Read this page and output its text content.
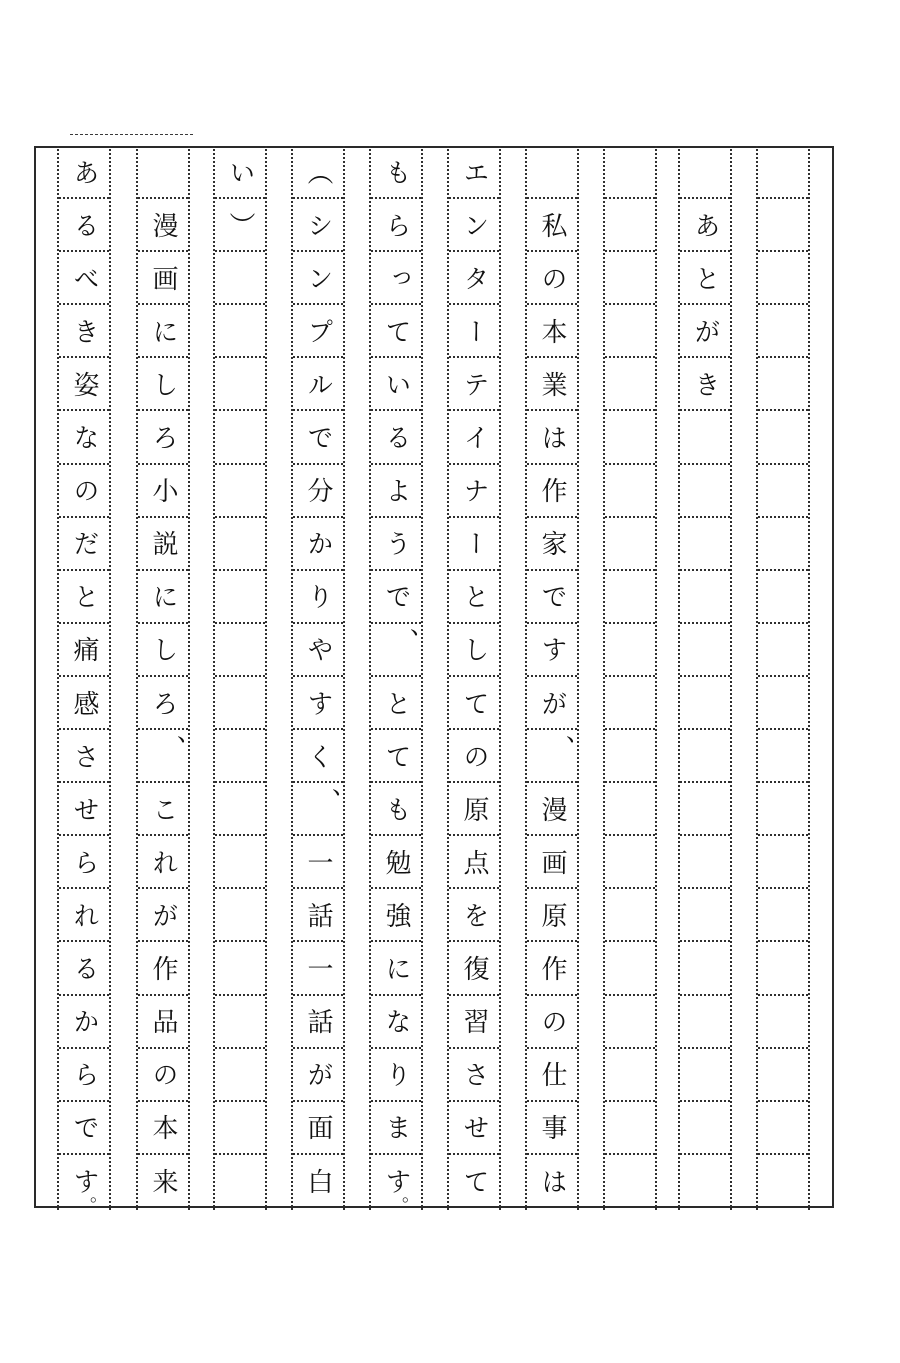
あ
と
が
き
私
の
本
業
は
作
家
で
す
が
、
漫
画
原
作
の
仕
事
は
エ
ン
タ
ー
テ
イ
ナ
ー
と
し
て
の
原
点
を
復
習
さ
せ
て
も
ら
っ
て
い
る
よ
う
で
、
と
て
も
勉
強
に
な
り
ま
す
。
（
シ
ン
プ
ル
で
分
か
り
や
す
く
、
一
話
一
話
が
面
白
い
）
漫
画
に
し
ろ
小
説
に
し
ろ
、
こ
れ
が
作
品
の
本
来
あ
る
べ
き
姿
な
の
だ
と
痛
感
さ
せ
ら
れ
る
か
ら
で
す
。
